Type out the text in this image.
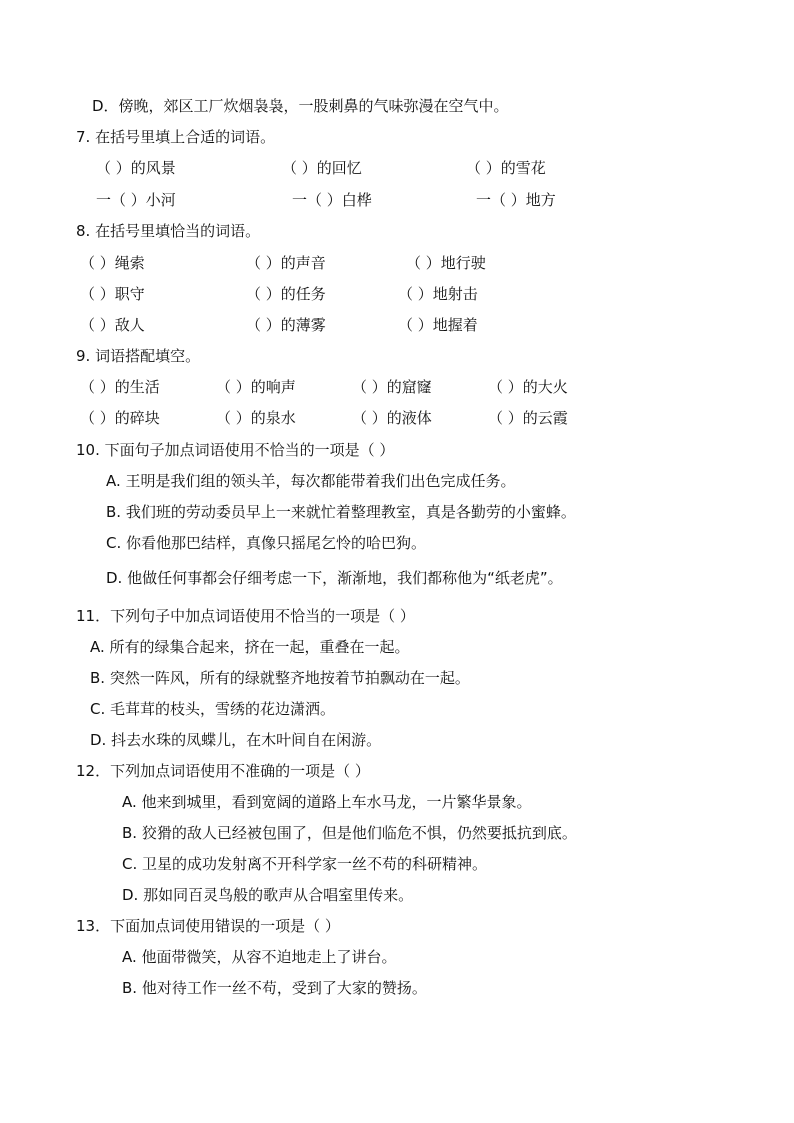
D．傍晚，郊区工厂炊烟袅袅，一股刺鼻的气味弥漫在空气中。
7. 在括号里填上合适的词语。
（ ）的风景	（ ）的回忆	（ ）的雪花
一（ ）小河	一（ ）白桦	一（ ）地方
8. 在括号里填恰当的词语。
（ ）绳索	（ ）的声音	（ ）地行驶
（ ）职守	（ ）的任务	（ ）地射击
（ ）敌人	（ ）的薄雾	（ ）地握着
9. 词语搭配填空。
（ ）的生活	（ ）的响声	（ ）的窟窿	（ ）的大火
（ ）的碎块	（ ）的泉水	（ ）的液体	（ ）的云霞
10. 下面句子加点词语使用不恰当的一项是（ ）
A. 王明是我们组的领头羊，每次都能带着我们出色完成任务。
B. 我们班的劳动委员早上一来就忙着整理教室，真是各勤劳的小蜜蜂。
C. 你看他那巴结样，真像只摇尾乞怜的哈巴狗。
D. 他做任何事都会仔细考虑一下，渐渐地，我们都称他为“纸老虎”。
11．下列句子中加点词语使用不恰当的一项是（ ）
A. 所有的绿集合起来，挤在一起，重叠在一起。
B. 突然一阵风，所有的绿就整齐地按着节拍飘动在一起。
C. 毛茸茸的枝头，雪绣的花边潇洒。
D. 抖去水珠的凤蝶儿，在木叶间自在闲游。
12．下列加点词语使用不准确的一项是（ ）
A. 他来到城里，看到宽阔的道路上车水马龙，一片繁华景象。
B. 狡猾的敌人已经被包围了，但是他们临危不惧，仍然要抵抗到底。
C. 卫星的成功发射离不开科学家一丝不苟的科研精神。
D. 那如同百灵鸟般的歌声从合唱室里传来。
13．下面加点词使用错误的一项是（ ）
A. 他面带微笑，从容不迫地走上了讲台。
B. 他对待工作一丝不苟，受到了大家的赞扬。
